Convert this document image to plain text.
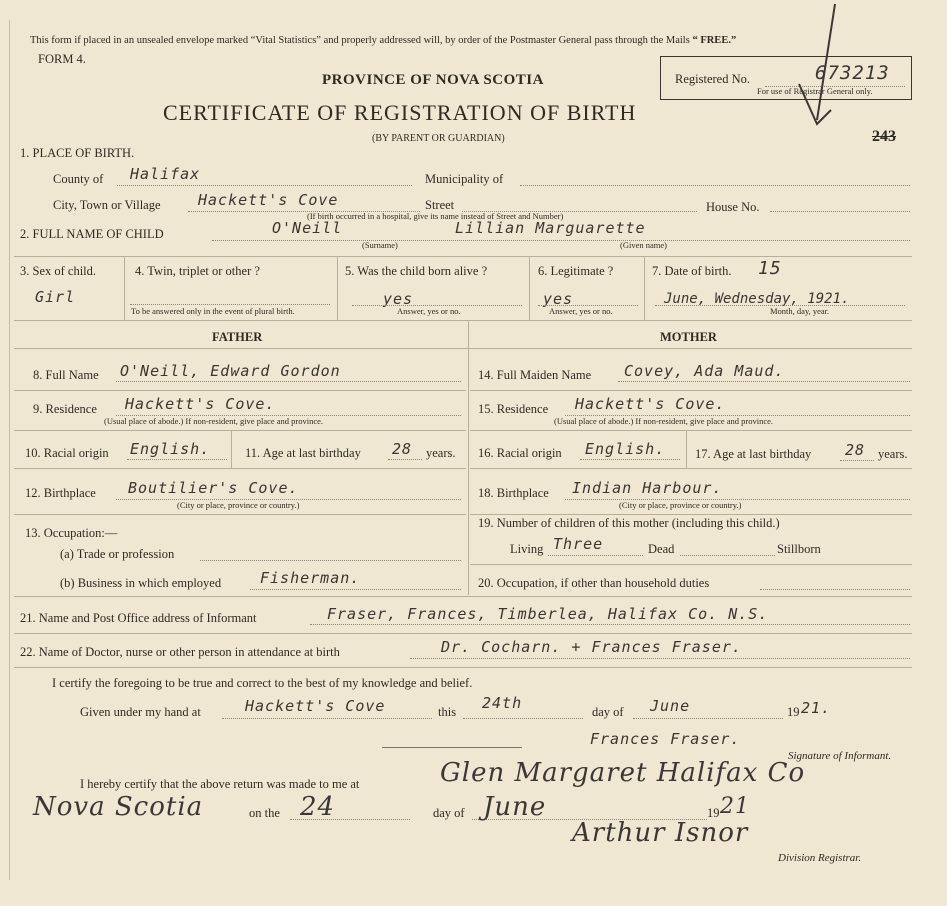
This form if placed in an unsealed envelope marked “Vital Statistics” and properly addressed will, by order of the Postmaster General pass through the Mails “ FREE.”
FORM 4.
PROVINCE OF NOVA SCOTIA
CERTIFICATE OF REGISTRATION OF BIRTH
(BY PARENT OR GUARDIAN)
Registered No.	673213
For use of Registrar General only.
243
1. PLACE OF BIRTH.
County of Halifax	Municipality of
City, Town or Village Hackett's Cove	Street	House No.
(If birth occurred in a hospital, give its name instead of Street and Number)
2. FULL NAME OF CHILD	O'Neill	Lillian Marguarette
(Surname)	(Given name)
3. Sex of child.
Girl
4. Twin, triplet or other ?
To be answered only in the event of plural birth.
5. Was the child born alive ?
yes
Answer, yes or no.
6. Legitimate ?
yes
Answer, yes or no.
7. Date of birth. 15
June, Wednesday, 1921.
Month, day, year.
FATHER	MOTHER
8. Full Name O'Neill, Edward Gordon
9. Residence Hackett's Cove.
(Usual place of abode.) If non-resident, give place and province.
10. Racial origin English.	11. Age at last birthday 28 years.
12. Birthplace Boutilier's Cove.
(City or place, province or country.)
13. Occupation:—
(a) Trade or profession
(b) Business in which employed	Fisherman.
14. Full Maiden Name Covey, Ada Maud.
15. Residence Hackett's Cove.
(Usual place of abode.) If non-resident, give place and province.
16. Racial origin English. 17. Age at last birthday 28 years.
18. Birthplace Indian Harbour.
(City or place, province or country.)
19. Number of children of this mother (including this child.)
Living Three	Dead	Stillborn
20. Occupation, if other than household duties
21. Name and Post Office address of Informant	Fraser, Frances, Timberlea, Halifax Co. N.S.
22. Name of Doctor, nurse or other person in attendance at birth	Dr. Cocharn. + Frances Fraser.
I certify the foregoing to be true and correct to the best of my knowledge and belief.
Given under my hand at	Hackett's Cove	this 24th	day of June	19 21.
Frances Fraser.
Signature of Informant.
I hereby certify that the above return was made to me at	Glen Margaret Halifax Co
Nova Scotia	on the 24	day of June	19 21
Arthur Isnor
Division Registrar.
